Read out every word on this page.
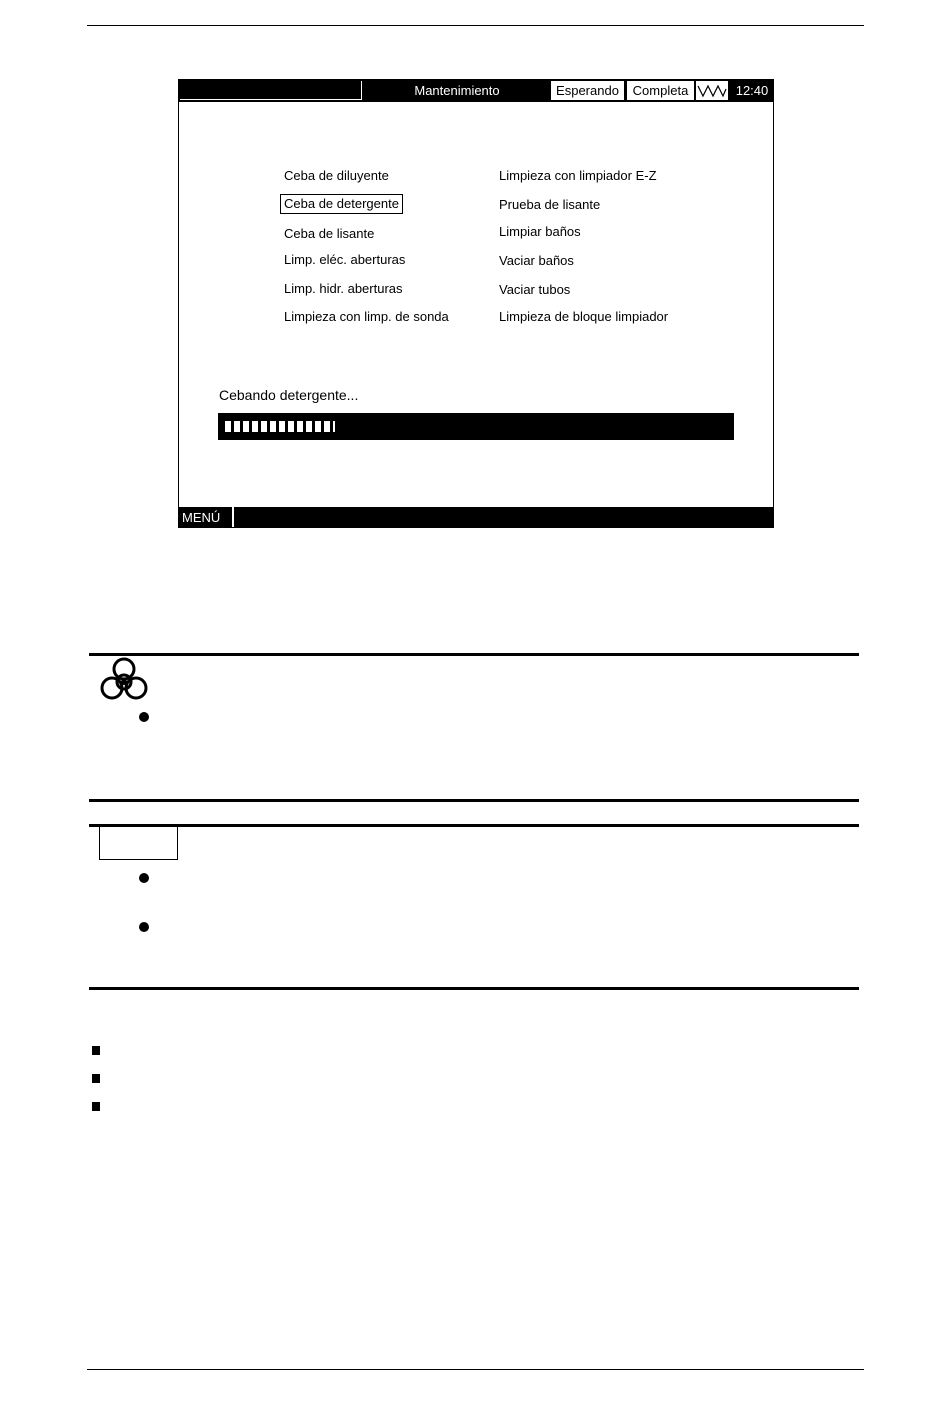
Mantenimiento	Esperando	Completa	12:40
Ceba de diluyente
Ceba de detergente
Ceba de lisante
Limp. eléc. aberturas
Limp. hidr. aberturas
Limpieza con limp. de sonda
Limpieza con limpiador E-Z
Prueba de lisante
Limpiar baños
Vaciar baños
Vaciar tubos
Limpieza de bloque limpiador
Cebando detergente...
MENÚ
